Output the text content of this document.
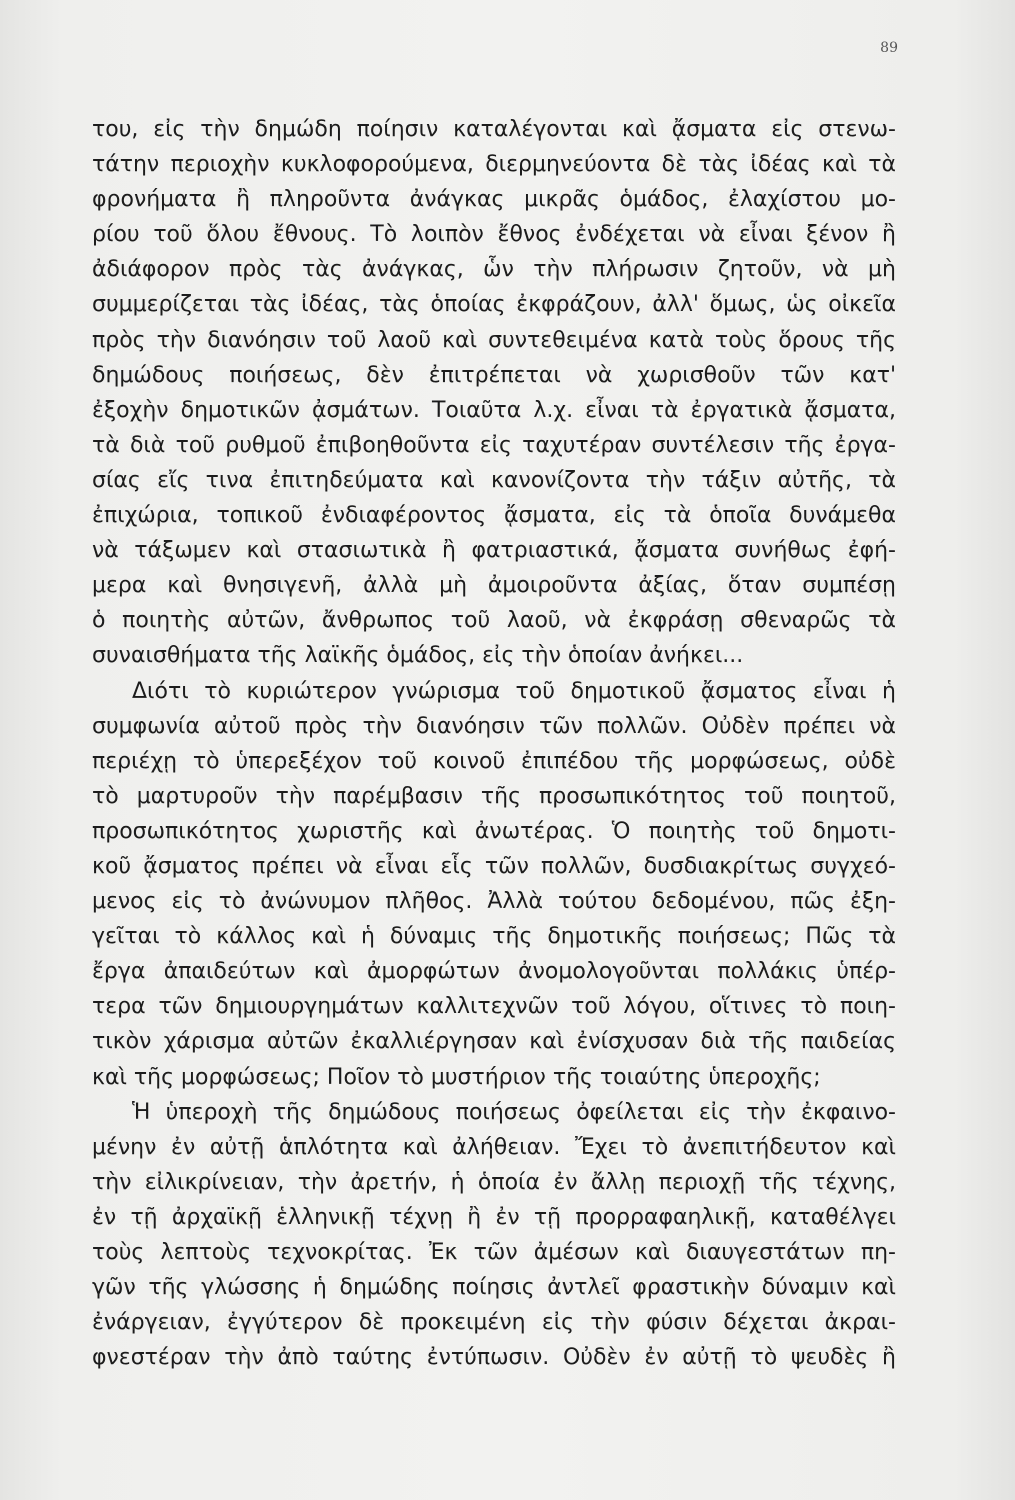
89
του, εἰς τὴν δημώδη ποίησιν καταλέγονται καὶ ᾄσματα εἰς στενω-
τάτην περιοχὴν κυκλοφορούμενα, διερμηνεύοντα δὲ τὰς ἰδέας καὶ τὰ
φρονήματα ἢ πληροῦντα ἀνάγκας μικρᾶς ὁμάδος, ἐλαχίστου μο-
ρίου τοῦ ὅλου ἔθνους. Τὸ λοιπὸν ἔθνος ἐνδέχεται νὰ εἶναι ξένον ἢ
ἀδιάφορον πρὸς τὰς ἀνάγκας, ὧν τὴν πλήρωσιν ζητοῦν, νὰ μὴ
συμμερίζεται τὰς ἰδέας, τὰς ὁποίας ἐκφράζουν, ἀλλ' ὅμως, ὡς οἰκεῖα
πρὸς τὴν διανόησιν τοῦ λαοῦ καὶ συντεθειμένα κατὰ τοὺς ὅρους τῆς
δημώδους ποιήσεως, δὲν ἐπιτρέπεται νὰ χωρισθοῦν τῶν κατ'
ἐξοχὴν δημοτικῶν ᾀσμάτων. Τοιαῦτα λ.χ. εἶναι τὰ ἐργατικὰ ᾄσματα,
τὰ διὰ τοῦ ρυθμοῦ ἐπιβοηθοῦντα εἰς ταχυτέραν συντέλεσιν τῆς ἐργα-
σίας εἴς τινα ἐπιτηδεύματα καὶ κανονίζοντα τὴν τάξιν αὐτῆς, τὰ
ἐπιχώρια, τοπικοῦ ἐνδιαφέροντος ᾄσματα, εἰς τὰ ὁποῖα δυνάμεθα
νὰ τάξωμεν καὶ στασιωτικὰ ἢ φατριαστικά, ᾄσματα συνήθως ἐφή-
μερα καὶ θνησιγενῆ, ἀλλὰ μὴ ἀμοιροῦντα ἀξίας, ὅταν συμπέσῃ
ὁ ποιητὴς αὐτῶν, ἄνθρωπος τοῦ λαοῦ, νὰ ἐκφράσῃ σθεναρῶς τὰ
συναισθήματα τῆς λαϊκῆς ὁμάδος, εἰς τὴν ὁποίαν ἀνήκει...
Διότι τὸ κυριώτερον γνώρισμα τοῦ δημοτικοῦ ᾄσματος εἶναι ἡ
συμφωνία αὐτοῦ πρὸς τὴν διανόησιν τῶν πολλῶν. Οὐδὲν πρέπει νὰ
περιέχῃ τὸ ὑπερεξέχον τοῦ κοινοῦ ἐπιπέδου τῆς μορφώσεως, οὐδὲ
τὸ μαρτυροῦν τὴν παρέμβασιν τῆς προσωπικότητος τοῦ ποιητοῦ,
προσωπικότητος χωριστῆς καὶ ἀνωτέρας. Ὁ ποιητὴς τοῦ δημοτι-
κοῦ ᾄσματος πρέπει νὰ εἶναι εἷς τῶν πολλῶν, δυσδιακρίτως συγχεό-
μενος εἰς τὸ ἀνώνυμον πλῆθος. Ἀλλὰ τούτου δεδομένου, πῶς ἐξη-
γεῖται τὸ κάλλος καὶ ἡ δύναμις τῆς δημοτικῆς ποιήσεως; Πῶς τὰ
ἔργα ἀπαιδεύτων καὶ ἀμορφώτων ἀνομολογοῦνται πολλάκις ὑπέρ-
τερα τῶν δημιουργημάτων καλλιτεχνῶν τοῦ λόγου, οἵτινες τὸ ποιη-
τικὸν χάρισμα αὐτῶν ἐκαλλιέργησαν καὶ ἐνίσχυσαν διὰ τῆς παιδείας
καὶ τῆς μορφώσεως; Ποῖον τὸ μυστήριον τῆς τοιαύτης ὑπεροχῆς;
Ἡ ὑπεροχὴ τῆς δημώδους ποιήσεως ὀφείλεται εἰς τὴν ἐκφαινο-
μένην ἐν αὐτῇ ἁπλότητα καὶ ἀλήθειαν. Ἔχει τὸ ἀνεπιτήδευτον καὶ
τὴν εἰλικρίνειαν, τὴν ἀρετήν, ἡ ὁποία ἐν ἄλλῃ περιοχῇ τῆς τέχνης,
ἐν τῇ ἀρχαϊκῇ ἑλληνικῇ τέχνῃ ἢ ἐν τῇ προρραφαηλικῇ, καταθέλγει
τοὺς λεπτοὺς τεχνοκρίτας. Ἐκ τῶν ἀμέσων καὶ διαυγεστάτων πη-
γῶν τῆς γλώσσης ἡ δημώδης ποίησις ἀντλεῖ φραστικὴν δύναμιν καὶ
ἐνάργειαν, ἐγγύτερον δὲ προκειμένη εἰς τὴν φύσιν δέχεται ἀκραι-
φνεστέραν τὴν ἀπὸ ταύτης ἐντύπωσιν. Οὐδὲν ἐν αὐτῇ τὸ ψευδὲς ἢ
